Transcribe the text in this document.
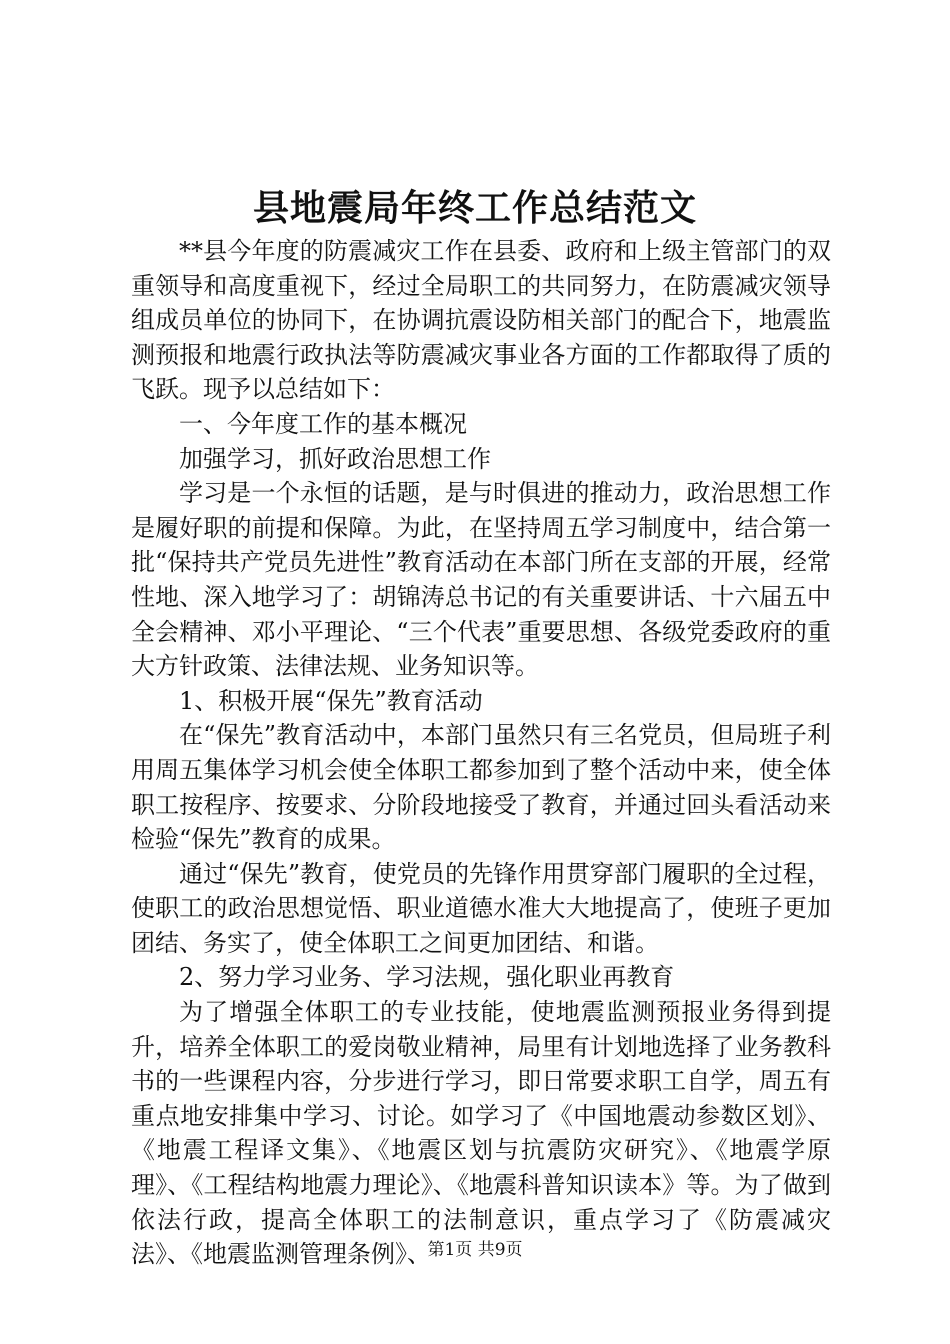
县地震局年终工作总结范文

**县今年度的防震减灾工作在县委、政府和上级主管部门的双重领导和高度重视下，经过全局职工的共同努力，在防震减灾领导组成员单位的协同下，在协调抗震设防相关部门的配合下，地震监测预报和地震行政执法等防震减灾事业各方面的工作都取得了质的飞跃。现予以总结如下：

一、今年度工作的基本概况

加强学习，抓好政治思想工作

学习是一个永恒的话题，是与时俱进的推动力，政治思想工作是履好职的前提和保障。为此，在坚持周五学习制度中，结合第一批“保持共产党员先进性”教育活动在本部门所在支部的开展，经常性地、深入地学习了：胡锦涛总书记的有关重要讲话、十六届五中全会精神、邓小平理论、“三个代表”重要思想、各级党委政府的重大方针政策、法律法规、业务知识等。

1、积极开展“保先”教育活动

在“保先”教育活动中，本部门虽然只有三名党员，但局班子利用周五集体学习机会使全体职工都参加到了整个活动中来，使全体职工按程序、按要求、分阶段地接受了教育，并通过回头看活动来检验“保先”教育的成果。

通过“保先”教育，使党员的先锋作用贯穿部门履职的全过程，使职工的政治思想觉悟、职业道德水准大大地提高了，使班子更加团结、务实了，使全体职工之间更加团结、和谐。

2、努力学习业务、学习法规，强化职业再教育

为了增强全体职工的专业技能，使地震监测预报业务得到提升，培养全体职工的爱岗敬业精神，局里有计划地选择了业务教科书的一些课程内容，分步进行学习，即日常要求职工自学，周五有重点地安排集中学习、讨论。如学习了《中国地震动参数区划》、《地震工程译文集》、《地震区划与抗震防灾研究》、《地震学原理》、《工程结构地震力理论》、《地震科普知识读本》等。为了做到依法行政，提高全体职工的法制意识，重点学习了《防震减灾法》、《地震监测管理条例》、

第1页 共9页
